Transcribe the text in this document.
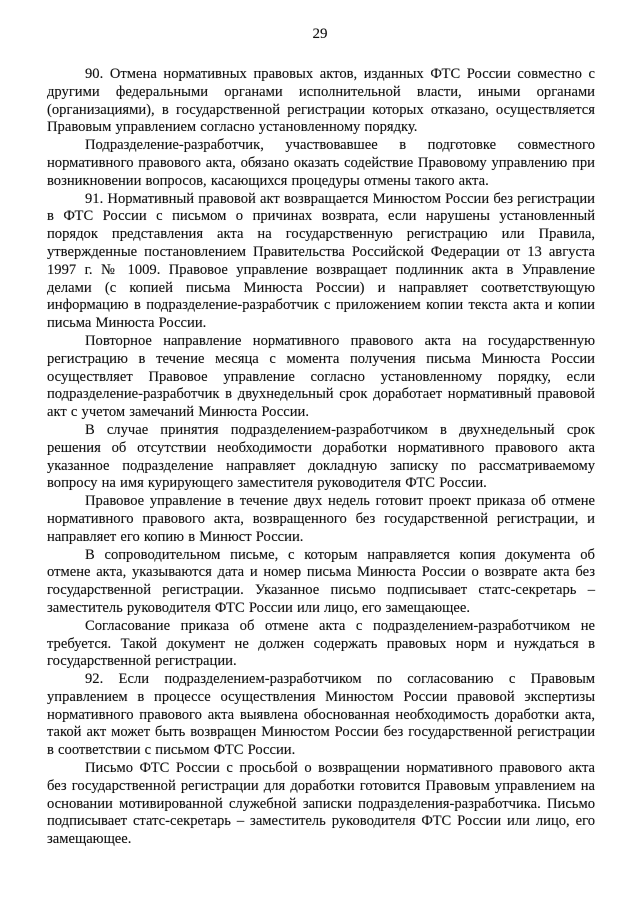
29

90. Отмена нормативных правовых актов, изданных ФТС России совместно с другими федеральными органами исполнительной власти, иными органами (организациями), в государственной регистрации которых отказано, осуществляется Правовым управлением согласно установленному порядку.

Подразделение-разработчик, участвовавшее в подготовке совместного нормативного правового акта, обязано оказать содействие Правовому управлению при возникновении вопросов, касающихся процедуры отмены такого акта.

91. Нормативный правовой акт возвращается Минюстом России без регистрации в ФТС России с письмом о причинах возврата, если нарушены установленный порядок представления акта на государственную регистрацию или Правила, утвержденные постановлением Правительства Российской Федерации от 13 августа 1997 г. № 1009. Правовое управление возвращает подлинник акта в Управление делами (с копией письма Минюста России) и направляет соответствующую информацию в подразделение-разработчик с приложением копии текста акта и копии письма Минюста России.

Повторное направление нормативного правового акта на государственную регистрацию в течение месяца с момента получения письма Минюста России осуществляет Правовое управление согласно установленному порядку, если подразделение-разработчик в двухнедельный срок доработает нормативный правовой акт с учетом замечаний Минюста России.

В случае принятия подразделением-разработчиком в двухнедельный срок решения об отсутствии необходимости доработки нормативного правового акта указанное подразделение направляет докладную записку по рассматриваемому вопросу на имя курирующего заместителя руководителя ФТС России.

Правовое управление в течение двух недель готовит проект приказа об отмене нормативного правового акта, возвращенного без государственной регистрации, и направляет его копию в Минюст России.

В сопроводительном письме, с которым направляется копия документа об отмене акта, указываются дата и номер письма Минюста России о возврате акта без государственной регистрации. Указанное письмо подписывает статс-секретарь – заместитель руководителя ФТС России или лицо, его замещающее.

Согласование приказа об отмене акта с подразделением-разработчиком не требуется. Такой документ не должен содержать правовых норм и нуждаться в государственной регистрации.

92. Если подразделением-разработчиком по согласованию с Правовым управлением в процессе осуществления Минюстом России правовой экспертизы нормативного правового акта выявлена обоснованная необходимость доработки акта, такой акт может быть возвращен Минюстом России без государственной регистрации в соответствии с письмом ФТС России.

Письмо ФТС России с просьбой о возвращении нормативного правового акта без государственной регистрации для доработки готовится Правовым управлением на основании мотивированной служебной записки подразделения-разработчика. Письмо подписывает статс-секретарь – заместитель руководителя ФТС России или лицо, его замещающее.
